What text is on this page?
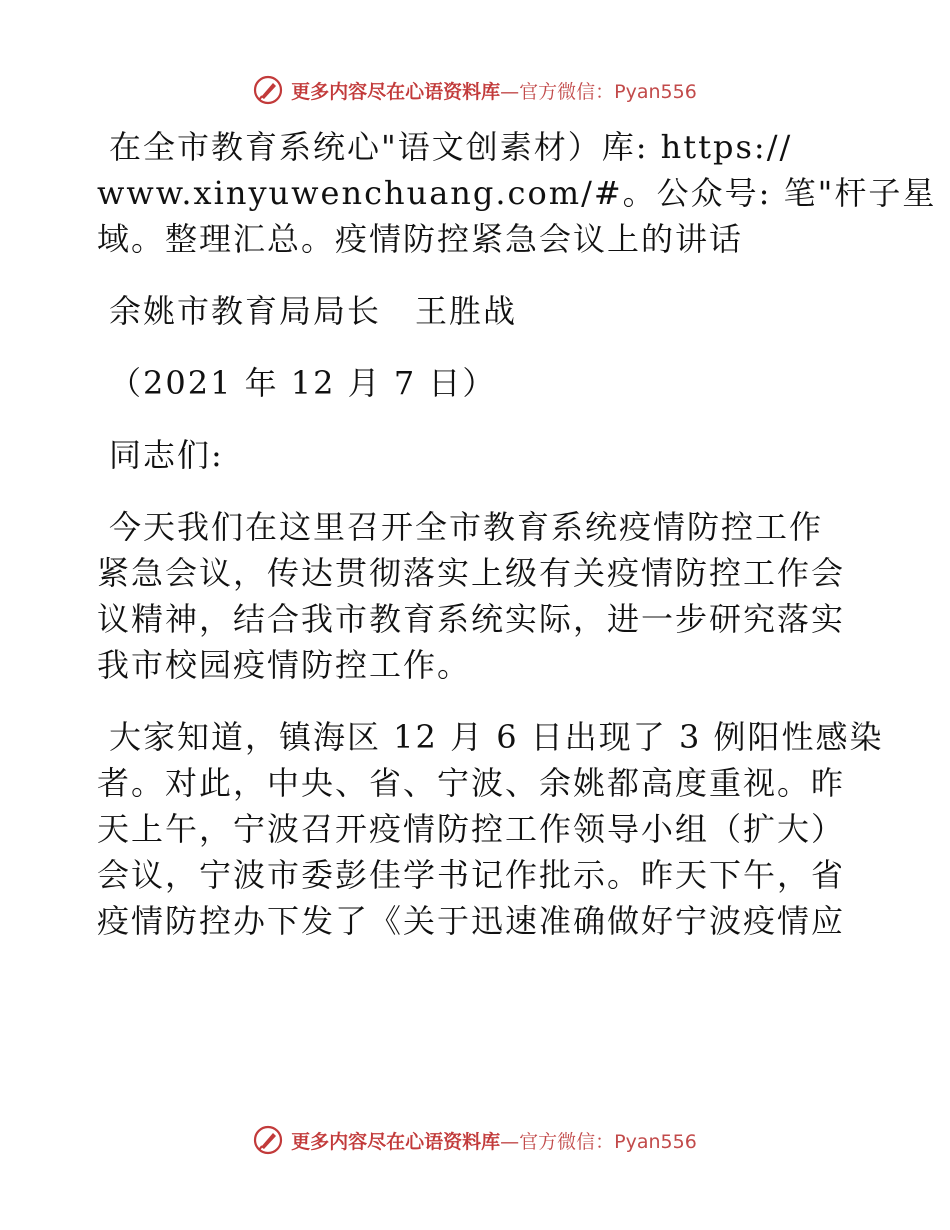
更多内容尽在心语资料库—官方微信：Pyan556
在全市教育系统心"语文创素材）库: https://
www.xinyuwenchuang.com/#。公众号: 笔"杆子星
域。整理汇总。疫情防控紧急会议上的讲话
余姚市教育局局长　王胜战
（2021 年 12 月 7 日）
同志们:
今天我们在这里召开全市教育系统疫情防控工作
紧急会议，传达贯彻落实上级有关疫情防控工作会
议精神，结合我市教育系统实际，进一步研究落实
我市校园疫情防控工作。
大家知道，镇海区 12 月 6 日出现了 3 例阳性感染
者。对此，中央、省、宁波、余姚都高度重视。昨
天上午，宁波召开疫情防控工作领导小组（扩大）
会议，宁波市委彭佳学书记作批示。昨天下午，省
疫情防控办下发了《关于迅速准确做好宁波疫情应
更多内容尽在心语资料库—官方微信：Pyan556
